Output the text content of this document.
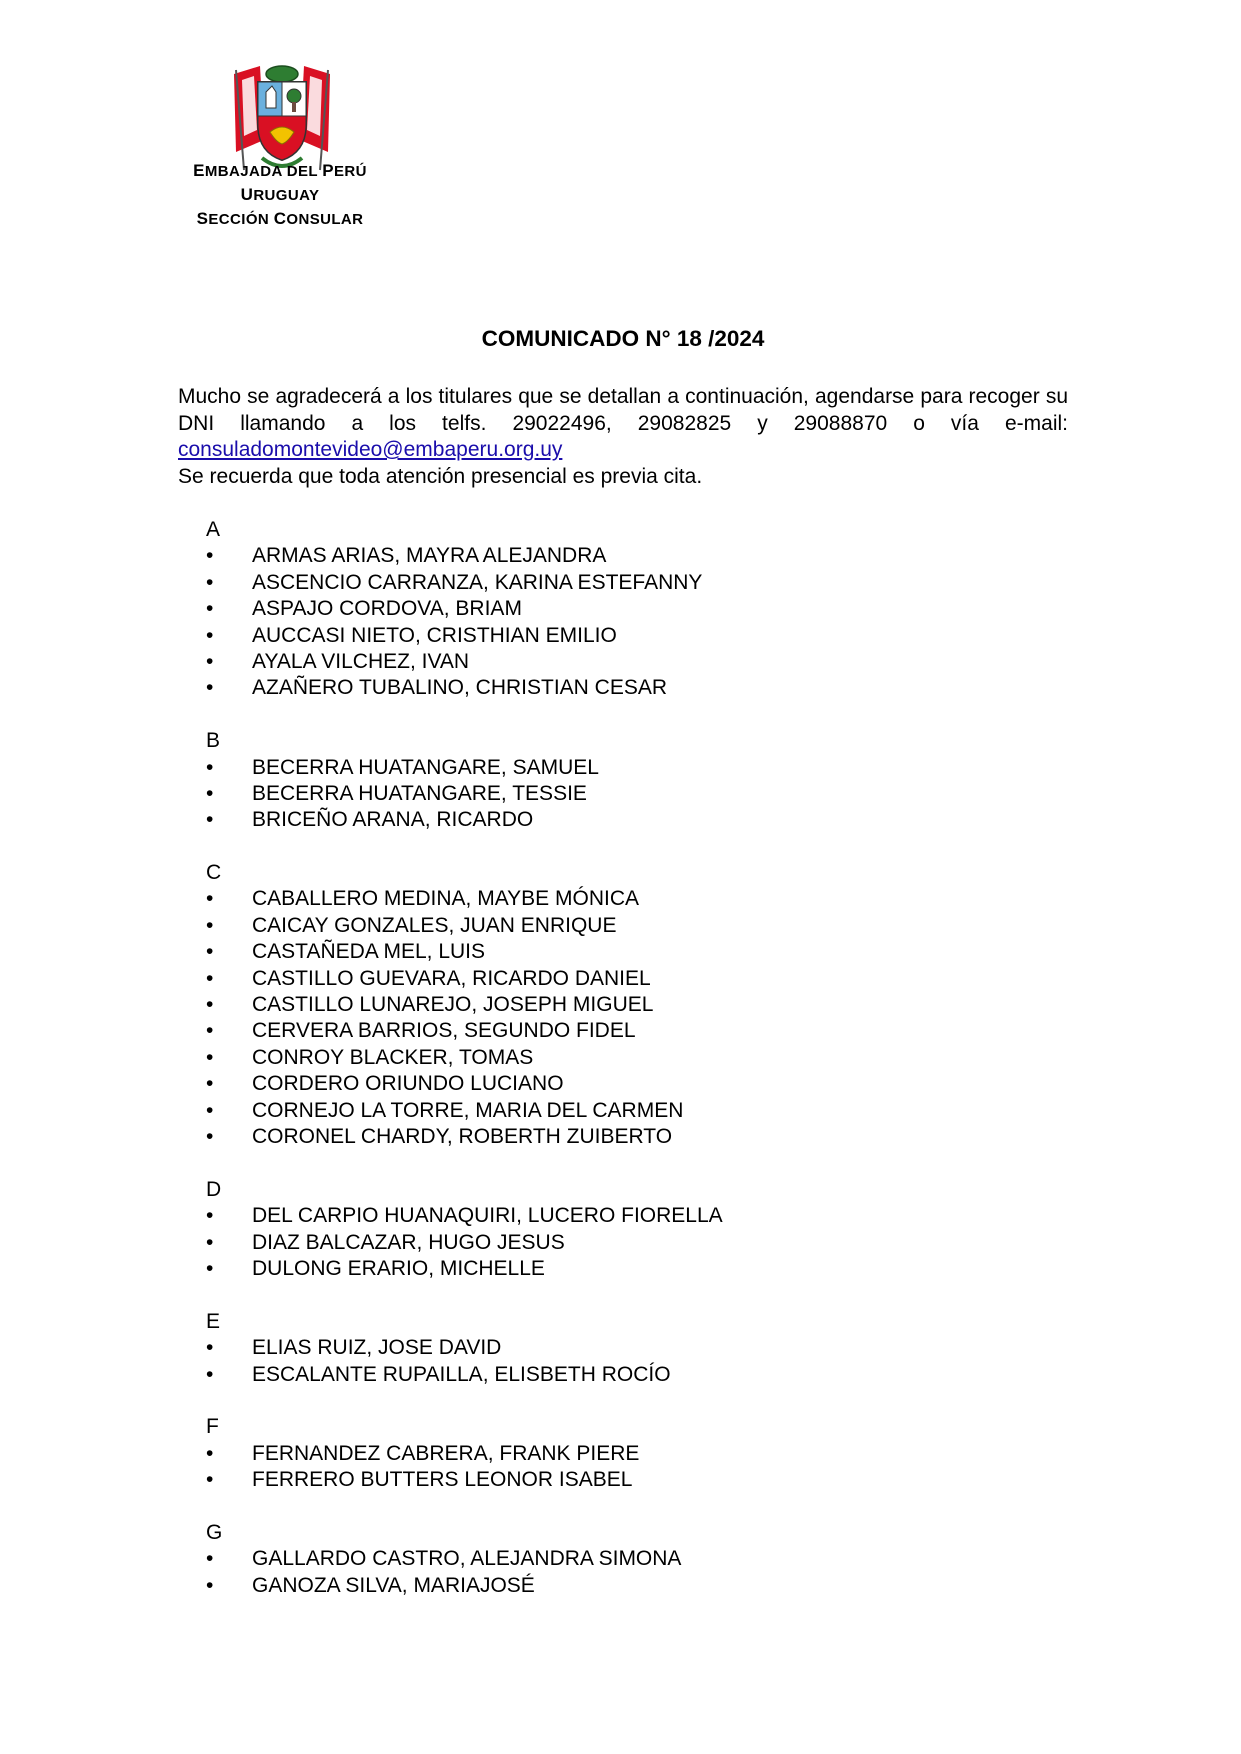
EMBAJADA DEL PERÚ
URUGUAY
SECCIÓN CONSULAR
COMUNICADO N° 18 /2024

Mucho se agradecerá a los titulares que se detallan a continuación, agendarse para recoger su DNI llamando a los telfs. 29022496, 29082825 y 29088870 o vía e-mail:

consuladomontevideo@embaperu.org.uy

Se recuerda que toda atención presencial es previa cita.

A
•	ARMAS ARIAS, MAYRA ALEJANDRA
•	ASCENCIO CARRANZA, KARINA ESTEFANNY
•	ASPAJO CORDOVA, BRIAM
•	AUCCASI NIETO, CRISTHIAN EMILIO
•	AYALA VILCHEZ, IVAN
•	AZAÑERO TUBALINO, CHRISTIAN CESAR
B
•	BECERRA HUATANGARE, SAMUEL
•	BECERRA HUATANGARE, TESSIE
•	BRICEÑO ARANA, RICARDO
C
•	CABALLERO MEDINA, MAYBE MÓNICA
•	CAICAY GONZALES, JUAN ENRIQUE
•	CASTAÑEDA MEL, LUIS
•	CASTILLO GUEVARA, RICARDO DANIEL
•	CASTILLO LUNAREJO, JOSEPH MIGUEL
•	CERVERA BARRIOS, SEGUNDO FIDEL
•	CONROY BLACKER, TOMAS
•	CORDERO ORIUNDO LUCIANO
•	CORNEJO LA TORRE, MARIA DEL CARMEN
•	CORONEL CHARDY, ROBERTH ZUIBERTO
D
•	DEL CARPIO HUANAQUIRI, LUCERO FIORELLA
•	DIAZ BALCAZAR, HUGO JESUS
•	DULONG ERARIO, MICHELLE
E
•	ELIAS RUIZ, JOSE DAVID
•	ESCALANTE RUPAILLA, ELISBETH ROCÍO
F
•	FERNANDEZ CABRERA, FRANK PIERE
•	FERRERO BUTTERS LEONOR ISABEL
G
•	GALLARDO CASTRO, ALEJANDRA SIMONA
•	GANOZA SILVA, MARIAJOSÉ
